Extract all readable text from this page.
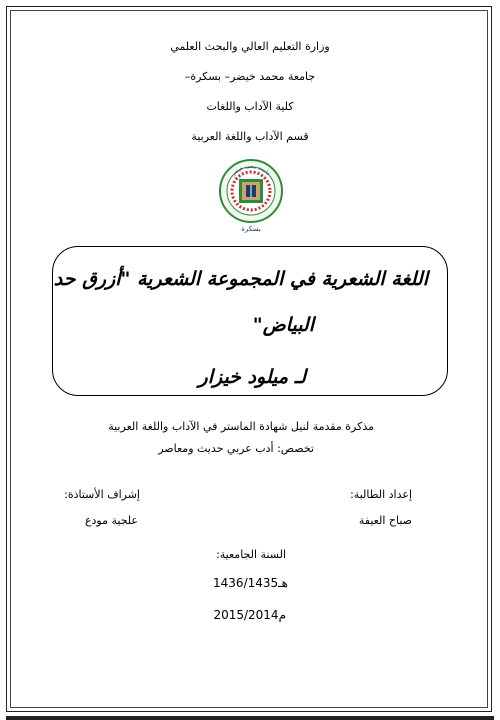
وزارة التعليم العالي والبحث العلمي
جامعة محمد خيضر– بسكرة–
كلية الآداب واللغات
قسم الآداب واللغة العربية
جامعة محمد خيضر
بسكرة
اللغة الشعرية في المجموعة الشعرية "أزرق حد
البياض"
لـ ميلود خيزار
مذكرة مقدمة لنيل شهادة الماستر في الآداب واللغة العربية
تخصص: أدب عربي حديث ومعاصر
إعداد الطالبة:
صباح العيفة
إشراف الأستاذة:
علجية مودع
السنة الجامعية:
1436/1435هـ
2015/2014م
